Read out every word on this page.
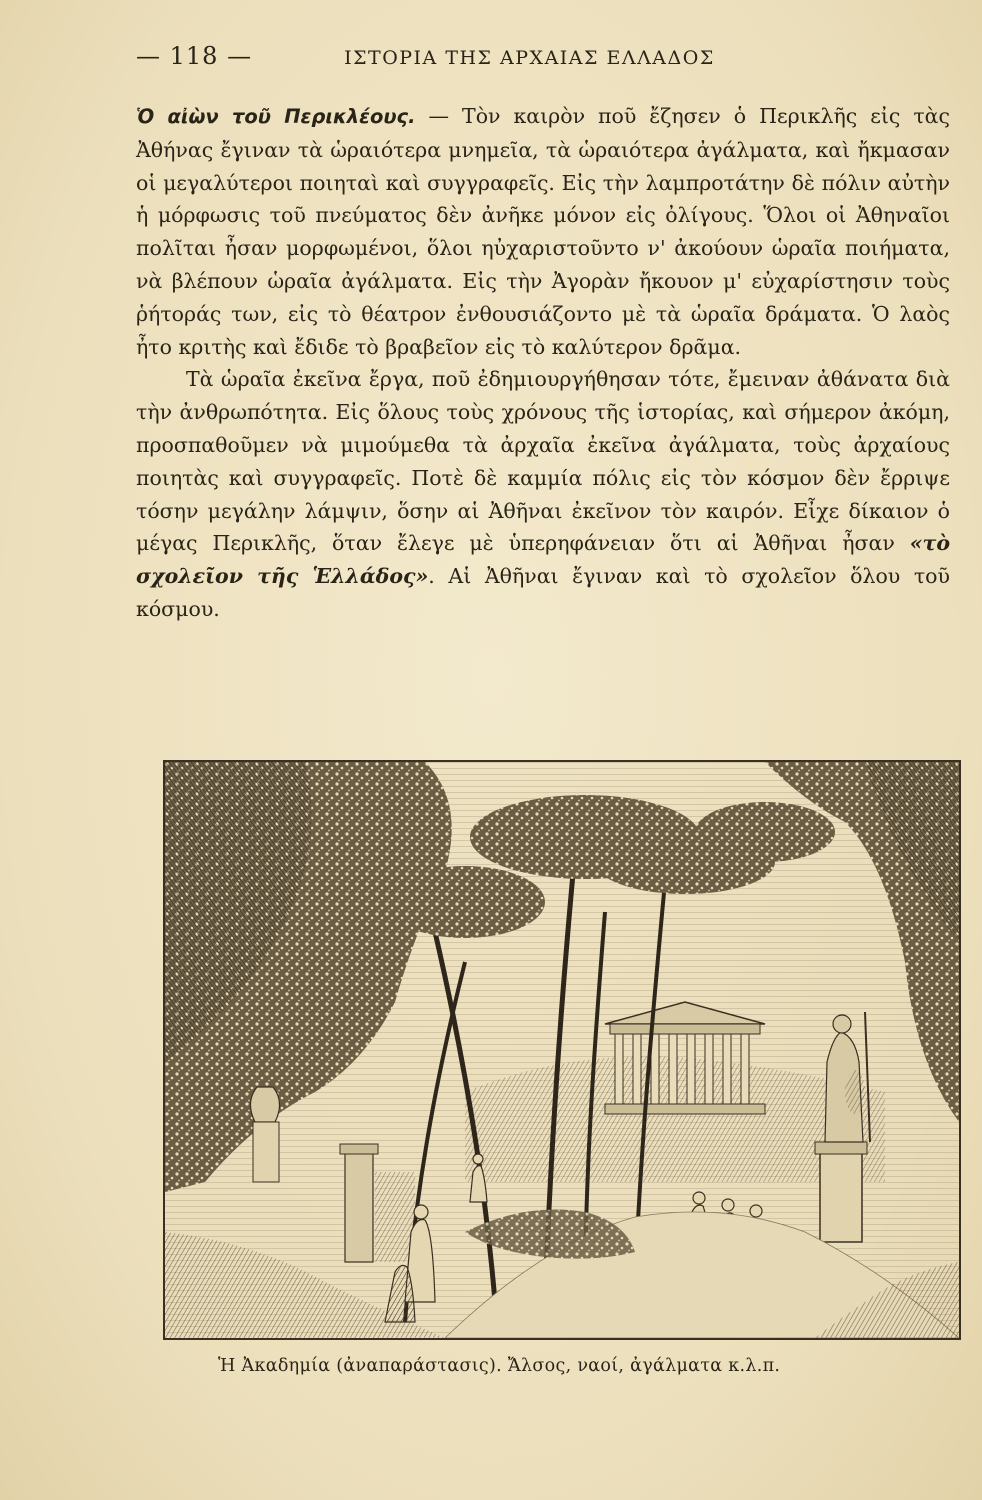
— 118 —	ΙΣΤΟΡΙΑ ΤΗΣ ΑΡΧΑΙΑΣ ΕΛΛΑΔΟΣ

Ὁ αἰὼν τοῦ Περικλέους. — Τὸν καιρὸν ποῦ ἔζησεν ὁ Περικλῆς εἰς τὰς Ἀθήνας ἔγιναν τὰ ὡραιότερα μνημεῖα, τὰ ὡραιότερα ἀγάλματα, καὶ ἤκμασαν οἱ μεγαλύτεροι ποιηταὶ καὶ συγγραφεῖς. Εἰς τὴν λαμπροτάτην δὲ πόλιν αὐτὴν ἡ μόρφωσις τοῦ πνεύματος δὲν ἀνῆκε μόνον εἰς ὀλίγους. Ὅλοι οἱ Ἀθηναῖοι πολῖται ἦσαν μορφωμένοι, ὅλοι ηὐχαριστοῦντο ν' ἀκούουν ὡραῖα ποιήματα, νὰ βλέπουν ὡραῖα ἀγάλματα. Εἰς τὴν Ἀγορὰν ἤκουον μ' εὐχαρίστησιν τοὺς ῥήτοράς των, εἰς τὸ θέατρον ἐνθουσιάζοντο μὲ τὰ ὡραῖα δράματα. Ὁ λαὸς ἦτο κριτὴς καὶ ἔδιδε τὸ βραβεῖον εἰς τὸ καλύτερον δρᾶμα.

Τὰ ὡραῖα ἐκεῖνα ἔργα, ποῦ ἐδημιουργήθησαν τότε, ἔμειναν ἀθάνατα διὰ τὴν ἀνθρωπότητα. Εἰς ὅλους τοὺς χρόνους τῆς ἱστορίας, καὶ σήμερον ἀκόμη, προσπαθοῦμεν νὰ μιμούμεθα τὰ ἀρχαῖα ἐκεῖνα ἀγάλματα, τοὺς ἀρχαίους ποιητὰς καὶ συγγραφεῖς. Ποτὲ δὲ καμμία πόλις εἰς τὸν κόσμον δὲν ἔρριψε τόσην μεγάλην λάμψιν, ὅσην αἱ Ἀθῆναι ἐκεῖνον τὸν καιρόν. Εἶχε δίκαιον ὁ μέγας Περικλῆς, ὅταν ἔλεγε μὲ ὑπερηφάνειαν ὅτι αἱ Ἀθῆναι ἦσαν «τὸ σχολεῖον τῆς Ἑλλάδος». Αἱ Ἀθῆναι ἔγιναν καὶ τὸ σχολεῖον ὅλου τοῦ κόσμου.

Ἡ Ἀκαδημία (ἀναπαράστασις). Ἄλσος, ναοί, ἀγάλματα κ.λ.π.
